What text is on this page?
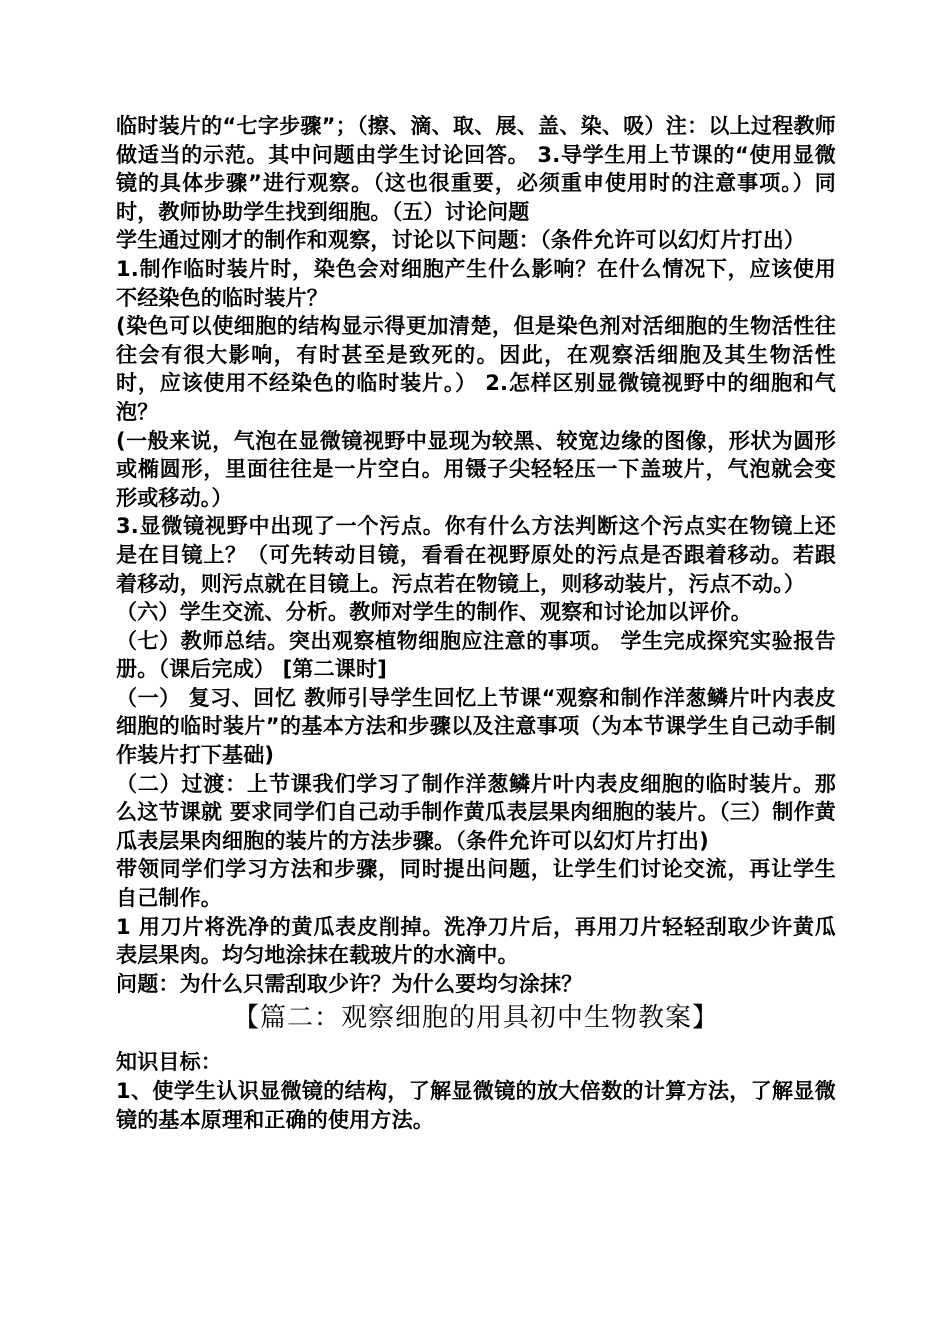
临时装片的“七字步骤”；（擦、滴、取、展、盖、染、吸）注：以上过程教师做适当的示范。其中问题由学生讨论回答。 3.导学生用上节课的“使用显微镜的具体步骤”进行观察。（这也很重要，必须重申使用时的注意事项。）同时，教师协助学生找到细胞。（五）讨论问题

学生通过刚才的制作和观察，讨论以下问题：（条件允许可以幻灯片打出）

1.制作临时装片时，染色会对细胞产生什么影响？在什么情况下，应该使用不经染色的临时装片？

(染色可以使细胞的结构显示得更加清楚，但是染色剂对活细胞的生物活性往往会有很大影响，有时甚至是致死的。因此，在观察活细胞及其生物活性时，应该使用不经染色的临时装片。） 2.怎样区别显微镜视野中的细胞和气泡？

(一般来说，气泡在显微镜视野中显现为较黑、较宽边缘的图像，形状为圆形或椭圆形，里面往往是一片空白。用镊子尖轻轻压一下盖玻片，气泡就会变形或移动。）

3.显微镜视野中出现了一个污点。你有什么方法判断这个污点实在物镜上还是在目镜上？（可先转动目镜，看看在视野原处的污点是否跟着移动。若跟着移动，则污点就在目镜上。污点若在物镜上，则移动装片，污点不动。）

（六）学生交流、分析。教师对学生的制作、观察和讨论加以评价。

（七）教师总结。突出观察植物细胞应注意的事项。 学生完成探究实验报告册。（课后完成） [第二课时]

（一） 复习、回忆 教师引导学生回忆上节课“观察和制作洋葱鳞片叶内表皮细胞的临时装片”的基本方法和步骤以及注意事项（为本节课学生自己动手制作装片打下基础)

（二）过渡：上节课我们学习了制作洋葱鳞片叶内表皮细胞的临时装片。那么这节课就 要求同学们自己动手制作黄瓜表层果肉细胞的装片。（三）制作黄瓜表层果肉细胞的装片的方法步骤。（条件允许可以幻灯片打出)

带领同学们学习方法和步骤，同时提出问题，让学生们讨论交流，再让学生自己制作。

1 用刀片将洗净的黄瓜表皮削掉。洗净刀片后，再用刀片轻轻刮取少许黄瓜表层果肉。均匀地涂抹在载玻片的水滴中。

问题：为什么只需刮取少许？为什么要均匀涂抹？

【篇二：观察细胞的用具初中生物教案】

知识目标：

1、使学生认识显微镜的结构，了解显微镜的放大倍数的计算方法，了解显微镜的基本原理和正确的使用方法。
